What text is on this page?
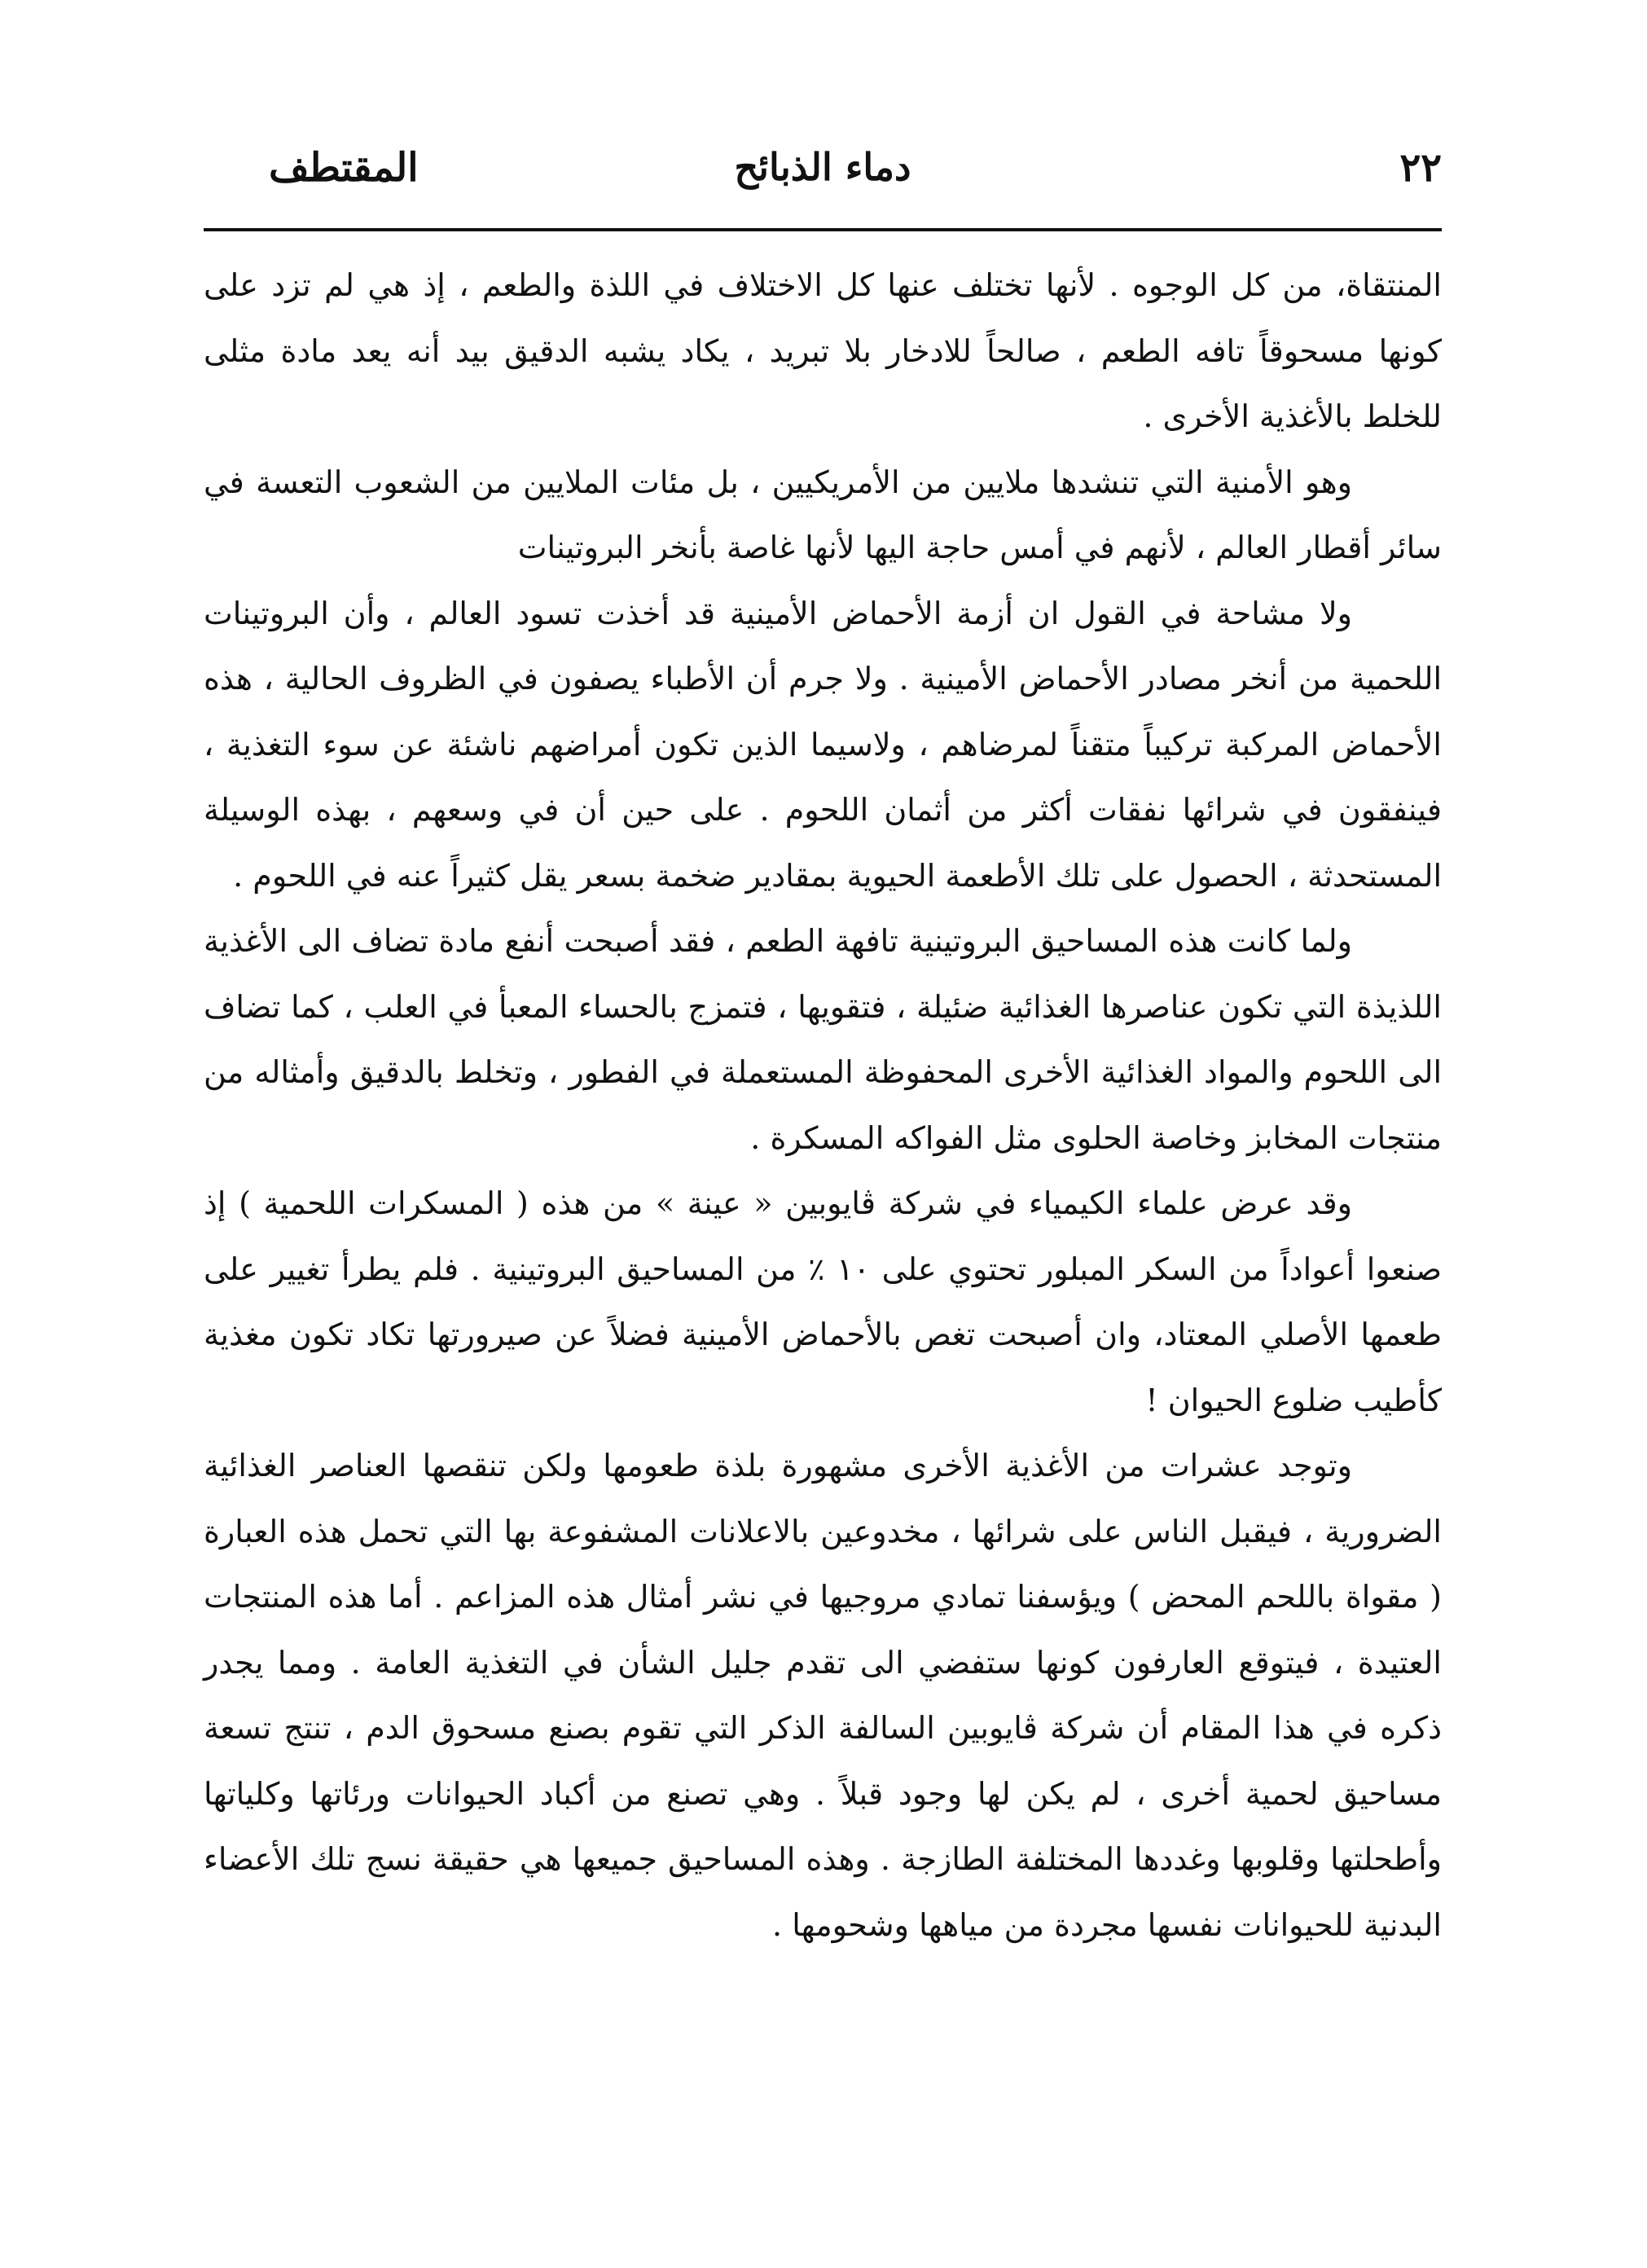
٢٢
دماء الذبائح
المقتطف

المنتقاة، من كل الوجوه . لأنها تختلف عنها كل الاختلاف في اللذة والطعم ، إذ هي لم تزد على كونها مسحوقاً تافه الطعم ، صالحاً للادخار بلا تبريد ، يكاد يشبه الدقيق بيد أنه يعد مادة مثلى للخلط بالأغذية الأخرى .

وهو الأمنية التي تنشدها ملايين من الأمريكيين ، بل مئات الملايين من الشعوب التعسة في سائر أقطار العالم ، لأنهم في أمس حاجة اليها لأنها غاصة بأنخر البروتينات

ولا مشاحة في القول ان أزمة الأحماض الأمينية قد أخذت تسود العالم ، وأن البروتينات اللحمية من أنخر مصادر الأحماض الأمينية . ولا جرم أن الأطباء يصفون في الظروف الحالية ، هذه الأحماض المركبة تركيباً متقناً لمرضاهم ، ولاسيما الذين تكون أمراضهم ناشئة عن سوء التغذية ، فينفقون في شرائها نفقات أكثر من أثمان اللحوم . على حين أن في وسعهم ، بهذه الوسيلة المستحدثة ، الحصول على تلك الأطعمة الحيوية بمقادير ضخمة بسعر يقل كثيراً عنه في اللحوم .

ولما كانت هذه المساحيق البروتينية تافهة الطعم ، فقد أصبحت أنفع مادة تضاف الى الأغذية اللذيذة التي تكون عناصرها الغذائية ضئيلة ، فتقويها ، فتمزج بالحساء المعبأ في العلب ، كما تضاف الى اللحوم والمواد الغذائية الأخرى المحفوظة المستعملة في الفطور ، وتخلط بالدقيق وأمثاله من منتجات المخابز وخاصة الحلوى مثل الفواكه المسكرة .

وقد عرض علماء الكيمياء في شركة ڤايوبين « عينة » من هذه ( المسكرات اللحمية ) إذ صنعوا أعواداً من السكر المبلور تحتوي على ١٠ ٪ من المساحيق البروتينية . فلم يطرأ تغيير على طعمها الأصلي المعتاد، وان أصبحت تغص بالأحماض الأمينية فضلاً عن صيرورتها تكاد تكون مغذية كأطيب ضلوع الحيوان !

وتوجد عشرات من الأغذية الأخرى مشهورة بلذة طعومها ولكن تنقصها العناصر الغذائية الضرورية ، فيقبل الناس على شرائها ، مخدوعين بالاعلانات المشفوعة بها التي تحمل هذه العبارة ( مقواة باللحم المحض ) ويؤسفنا تمادي مروجيها في نشر أمثال هذه المزاعم . أما هذه المنتجات العتيدة ، فيتوقع العارفون كونها ستفضي الى تقدم جليل الشأن في التغذية العامة . ومما يجدر ذكره في هذا المقام أن شركة ڤايوبين السالفة الذكر التي تقوم بصنع مسحوق الدم ، تنتج تسعة مساحيق لحمية أخرى ، لم يكن لها وجود قبلاً . وهي تصنع من أكباد الحيوانات ورئاتها وكلياتها وأطحلتها وقلوبها وغددها المختلفة الطازجة . وهذه المساحيق جميعها هي حقيقة نسج تلك الأعضاء البدنية للحيوانات نفسها مجردة من مياهها وشحومها .
